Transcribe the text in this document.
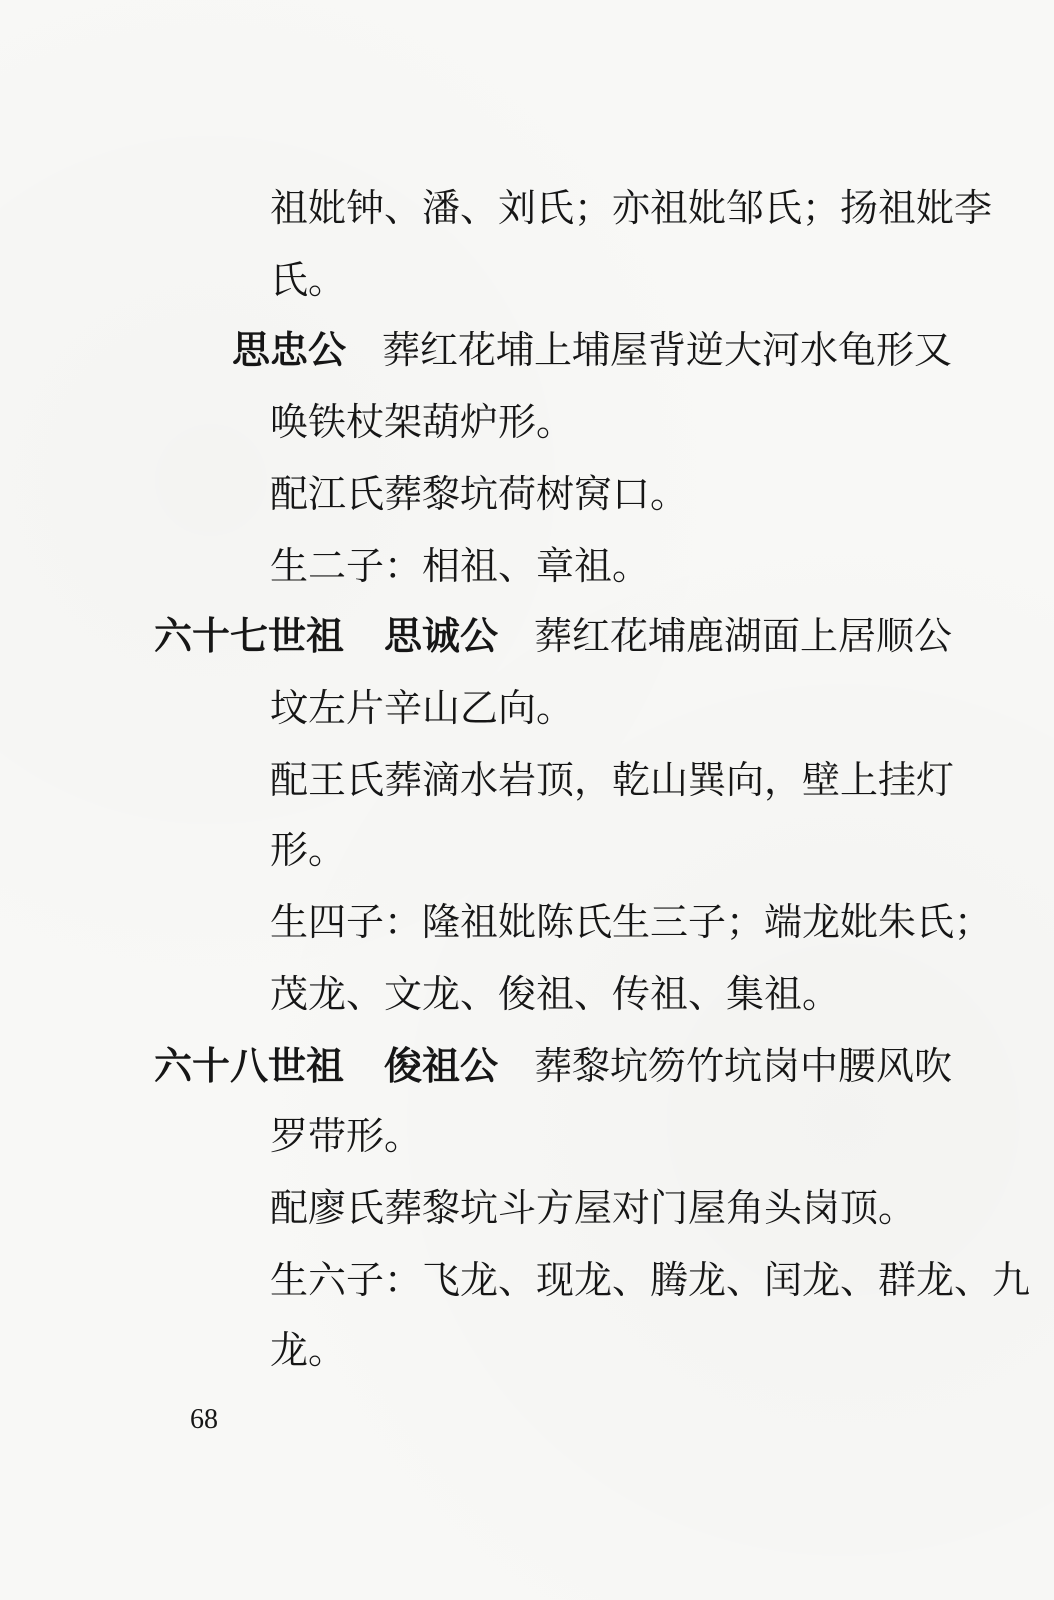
祖妣钟、潘、刘氏；亦祖妣邹氏；扬祖妣李
氏。
思忠公 葬红花埔上埔屋背逆大河水龟形又
唤铁杖架葫炉形。
配江氏葬黎坑荷树窝口。
生二子：相祖、章祖。
六十七世祖 思诚公 葬红花埔鹿湖面上居顺公
坟左片辛山乙向。
配王氏葬滴水岩顶，乾山巽向，壁上挂灯
形。
生四子：隆祖妣陈氏生三子；端龙妣朱氏；
茂龙、文龙、俊祖、传祖、集祖。
六十八世祖 俊祖公 葬黎坑笏竹坑岗中腰风吹
罗带形。
配廖氏葬黎坑斗方屋对门屋角头岗顶。
生六子：飞龙、现龙、腾龙、闰龙、群龙、九
龙。
68
